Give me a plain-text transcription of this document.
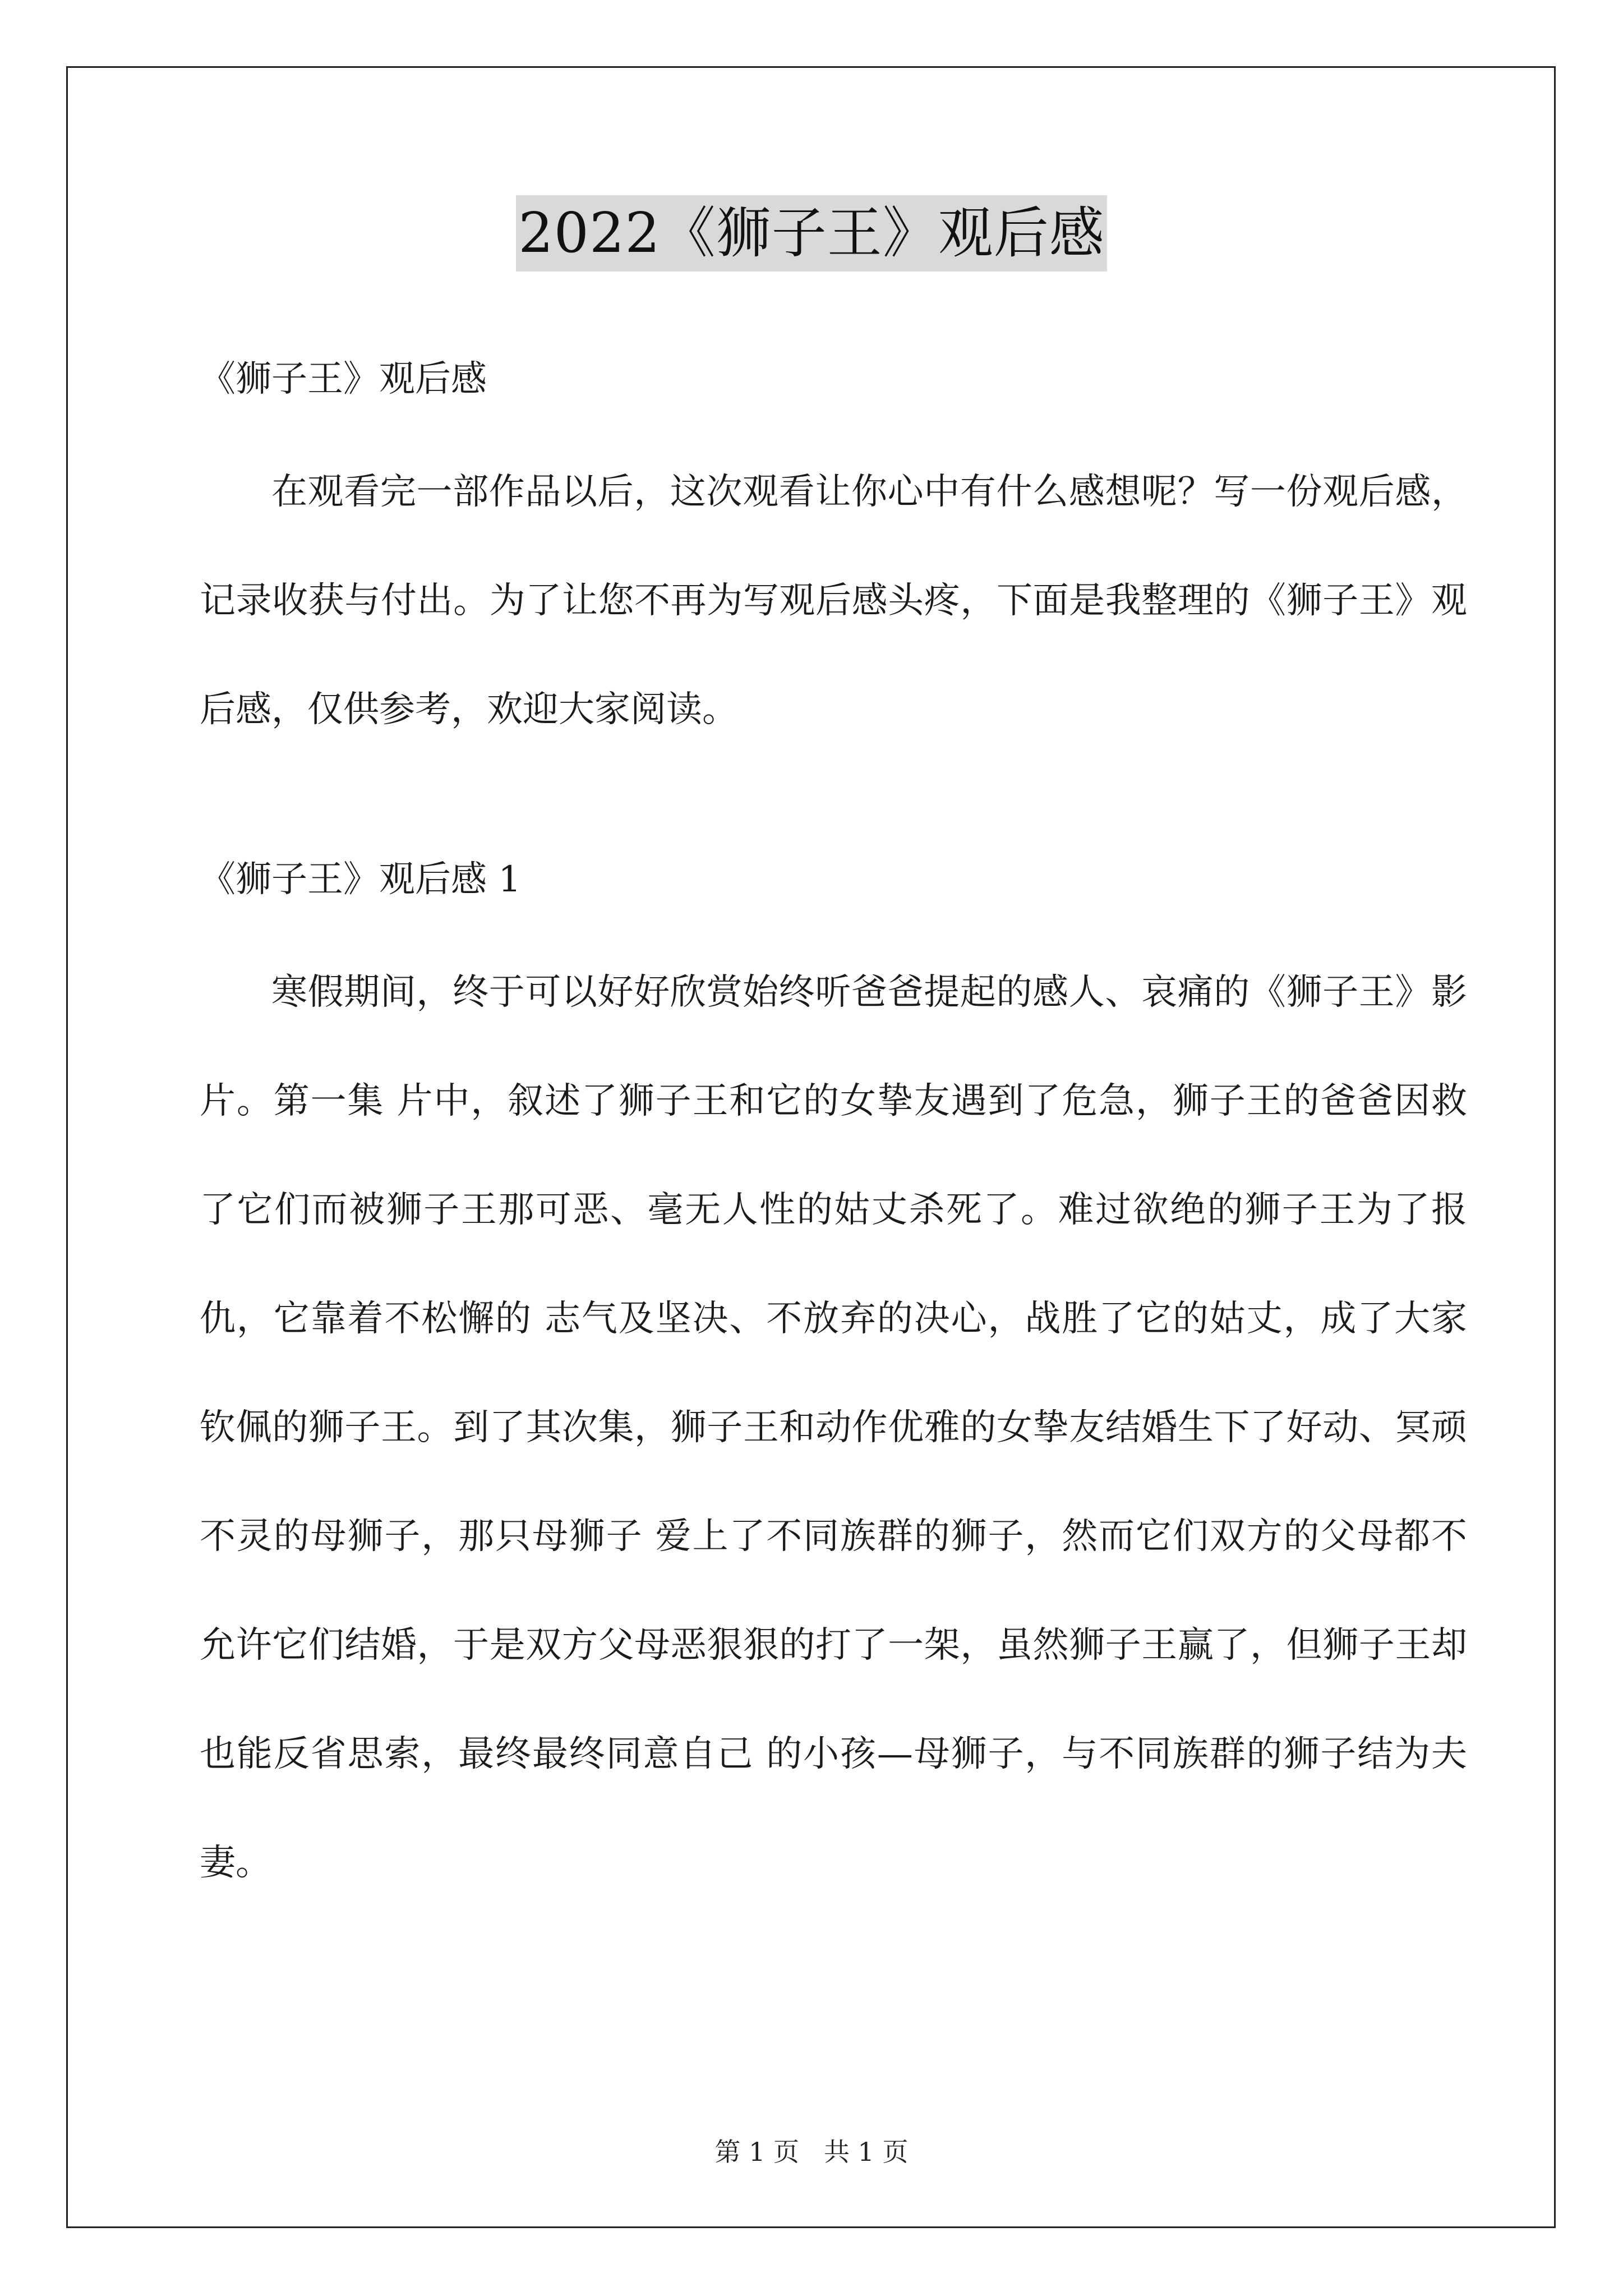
2022《狮子王》观后感

《狮子王》观后感

在观看完一部作品以后，这次观看让你心中有什么感想呢？写一份观后感，记录收获与付出。为了让您不再为写观后感头疼，下面是我整理的《狮子王》观后感，仅供参考，欢迎大家阅读。

《狮子王》观后感 1

寒假期间，终于可以好好欣赏始终听爸爸提起的感人、哀痛的《狮子王》影片。第一集 片中，叙述了狮子王和它的女挚友遇到了危急，狮子王的爸爸因救了它们而被狮子王那可恶、毫无人性的姑丈杀死了。难过欲绝的狮子王为了报仇，它靠着不松懈的 志气及坚决、不放弃的决心，战胜了它的姑丈，成了大家钦佩的狮子王。到了其次集，狮子王和动作优雅的女挚友结婚生下了好动、冥顽不灵的母狮子，那只母狮子 爱上了不同族群的狮子，然而它们双方的父母都不允许它们结婚，于是双方父母恶狠狠的打了一架，虽然狮子王赢了，但狮子王却也能反省思索，最终最终同意自己 的小孩—母狮子，与不同族群的狮子结为夫妻。

第 1 页 共 1 页
